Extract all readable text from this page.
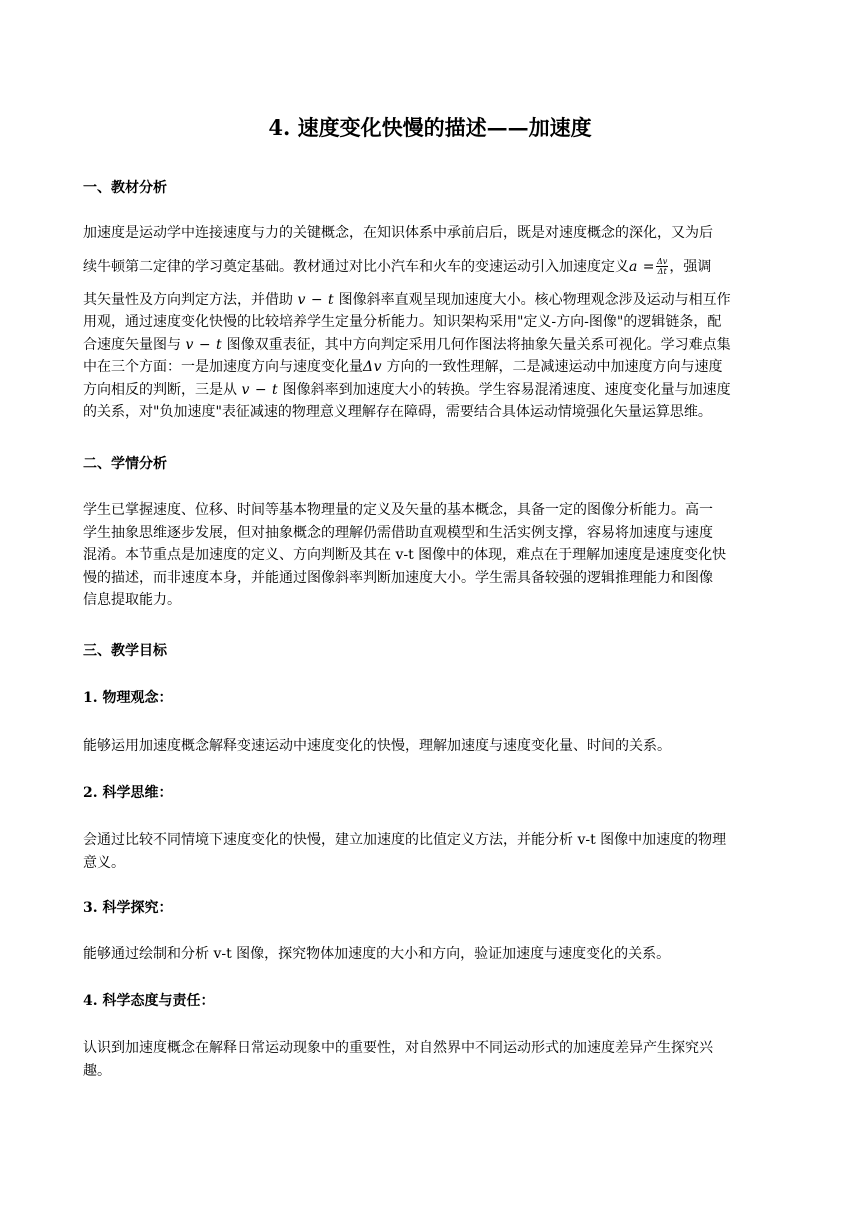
4. 速度变化快慢的描述——加速度
一、教材分析
加速度是运动学中连接速度与力的关键概念，在知识体系中承前启后，既是对速度概念的深化，又为后
续牛顿第二定律的学习奠定基础。教材通过对比小汽车和火车的变速运动引入加速度定义$a = \frac{\Delta v}{\Delta t}$ ，强调
其矢量性及方向判定方法，并借助 v − t 图像斜率直观呈现加速度大小。核心物理观念涉及运动与相互作
用观，通过速度变化快慢的比较培养学生定量分析能力。知识架构采用"定义-方向-图像"的逻辑链条，配
合速度矢量图与 v − t 图像双重表征，其中方向判定采用几何作图法将抽象矢量关系可视化。学习难点集
中在三个方面：一是加速度方向与速度变化量Δv 方向的一致性理解，二是减速运动中加速度方向与速度
方向相反的判断，三是从 v − t 图像斜率到加速度大小的转换。学生容易混淆速度、速度变化量与加速度
的关系，对"负加速度"表征减速的物理意义理解存在障碍，需要结合具体运动情境强化矢量运算思维。
二、学情分析
学生已掌握速度、位移、时间等基本物理量的定义及矢量的基本概念，具备一定的图像分析能力。高一
学生抽象思维逐步发展，但对抽象概念的理解仍需借助直观模型和生活实例支撑，容易将加速度与速度
混淆。本节重点是加速度的定义、方向判断及其在 v-t 图像中的体现，难点在于理解加速度是速度变化快
慢的描述，而非速度本身，并能通过图像斜率判断加速度大小。学生需具备较强的逻辑推理能力和图像
信息提取能力。
三、教学目标
1. 物理观念：
能够运用加速度概念解释变速运动中速度变化的快慢，理解加速度与速度变化量、时间的关系。
2. 科学思维：
会通过比较不同情境下速度变化的快慢，建立加速度的比值定义方法，并能分析 v-t 图像中加速度的物理
意义。
3. 科学探究：
能够通过绘制和分析 v-t 图像，探究物体加速度的大小和方向，验证加速度与速度变化的关系。
4. 科学态度与责任：
认识到加速度概念在解释日常运动现象中的重要性，对自然界中不同运动形式的加速度差异产生探究兴
趣。
